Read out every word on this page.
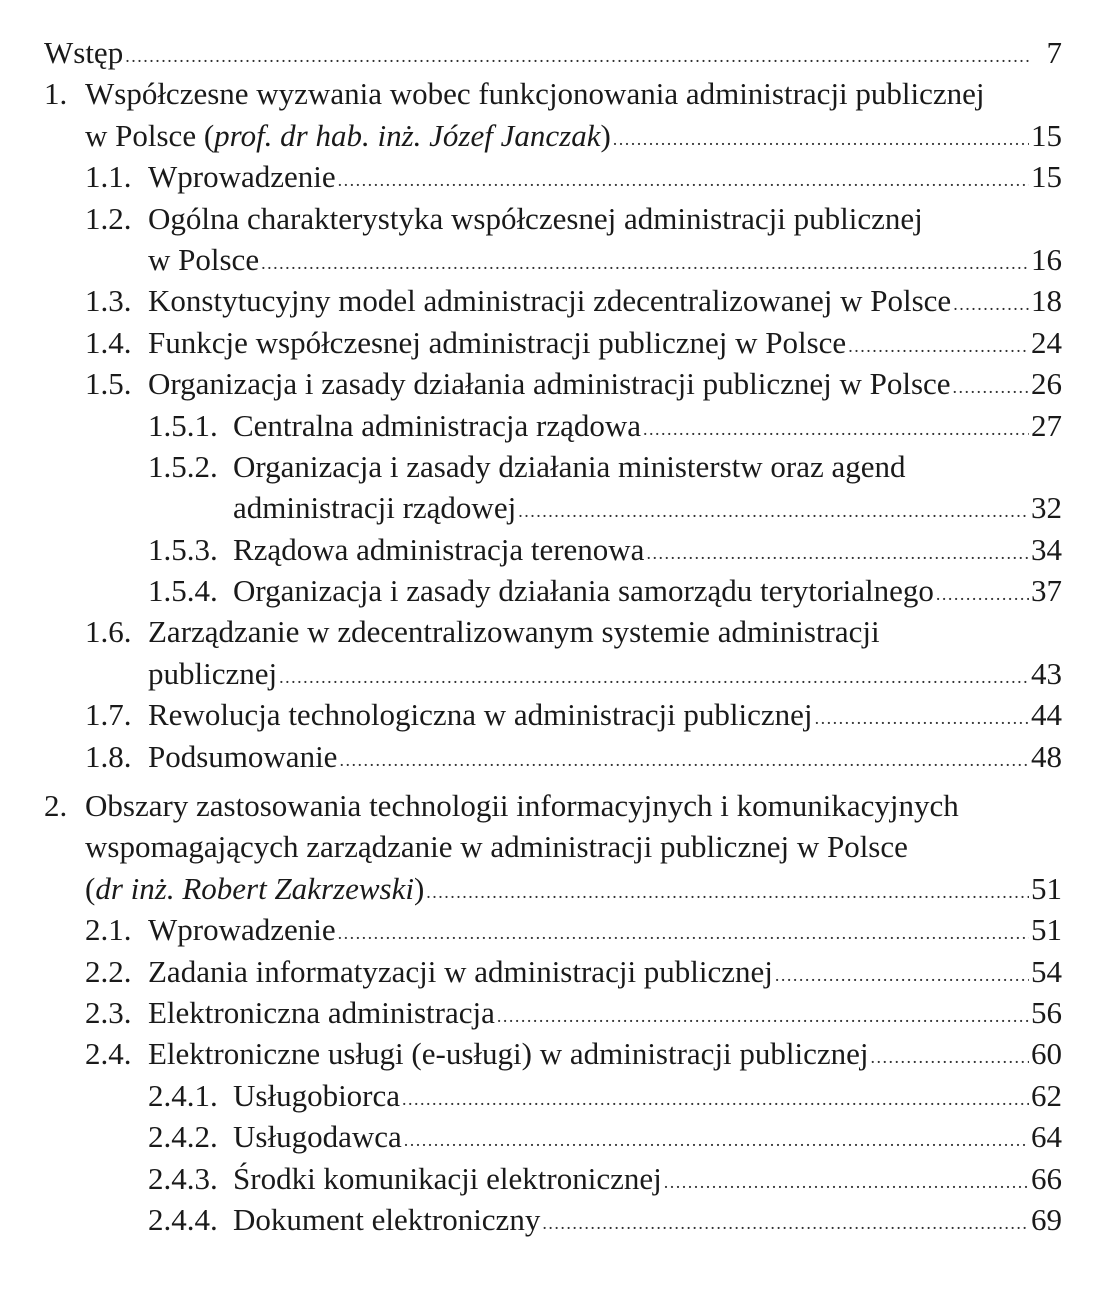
Wstęp .....	7
1. Współczesne wyzwania wobec funkcjonowania administracji publicznej
w Polsce ( prof. dr hab. inż. Józef Janczak ) .....	15
1.1. Wprowadzenie .....	15
1.2. Ogólna charakterystyka współczesnej administracji publicznej
w Polsce .....	16
1.3. Konstytucyjny model administracji zdecentralizowanej w Polsce .....	18
1.4. Funkcje współczesnej administracji publicznej w Polsce .....	24
1.5. Organizacja i zasady działania administracji publicznej w Polsce .....	26
1.5.1. Centralna administracja rządowa .....	27
1.5.2. Organizacja i zasady działania ministerstw oraz agend
administracji rządowej .....	32
1.5.3. Rządowa administracja terenowa .....	34
1.5.4. Organizacja i zasady działania samorządu terytorialnego .....	37
1.6. Zarządzanie w zdecentralizowanym systemie administracji
publicznej .....	43
1.7. Rewolucja technologiczna w administracji publicznej .....	44
1.8. Podsumowanie .....	48
2. Obszary zastosowania technologii informacyjnych i komunikacyjnych
wspomagających zarządzanie w administracji publicznej w Polsce
( dr inż. Robert Zakrzewski ) .....	51
2.1. Wprowadzenie .....	51
2.2. Zadania informatyzacji w administracji publicznej .....	54
2.3. Elektroniczna administracja .....	56
2.4. Elektroniczne usługi (e-usługi) w administracji publicznej .....	60
2.4.1. Usługobiorca .....	62
2.4.2. Usługodawca .....	64
2.4.3. Środki komunikacji elektronicznej .....	66
2.4.4. Dokument elektroniczny .....	69
